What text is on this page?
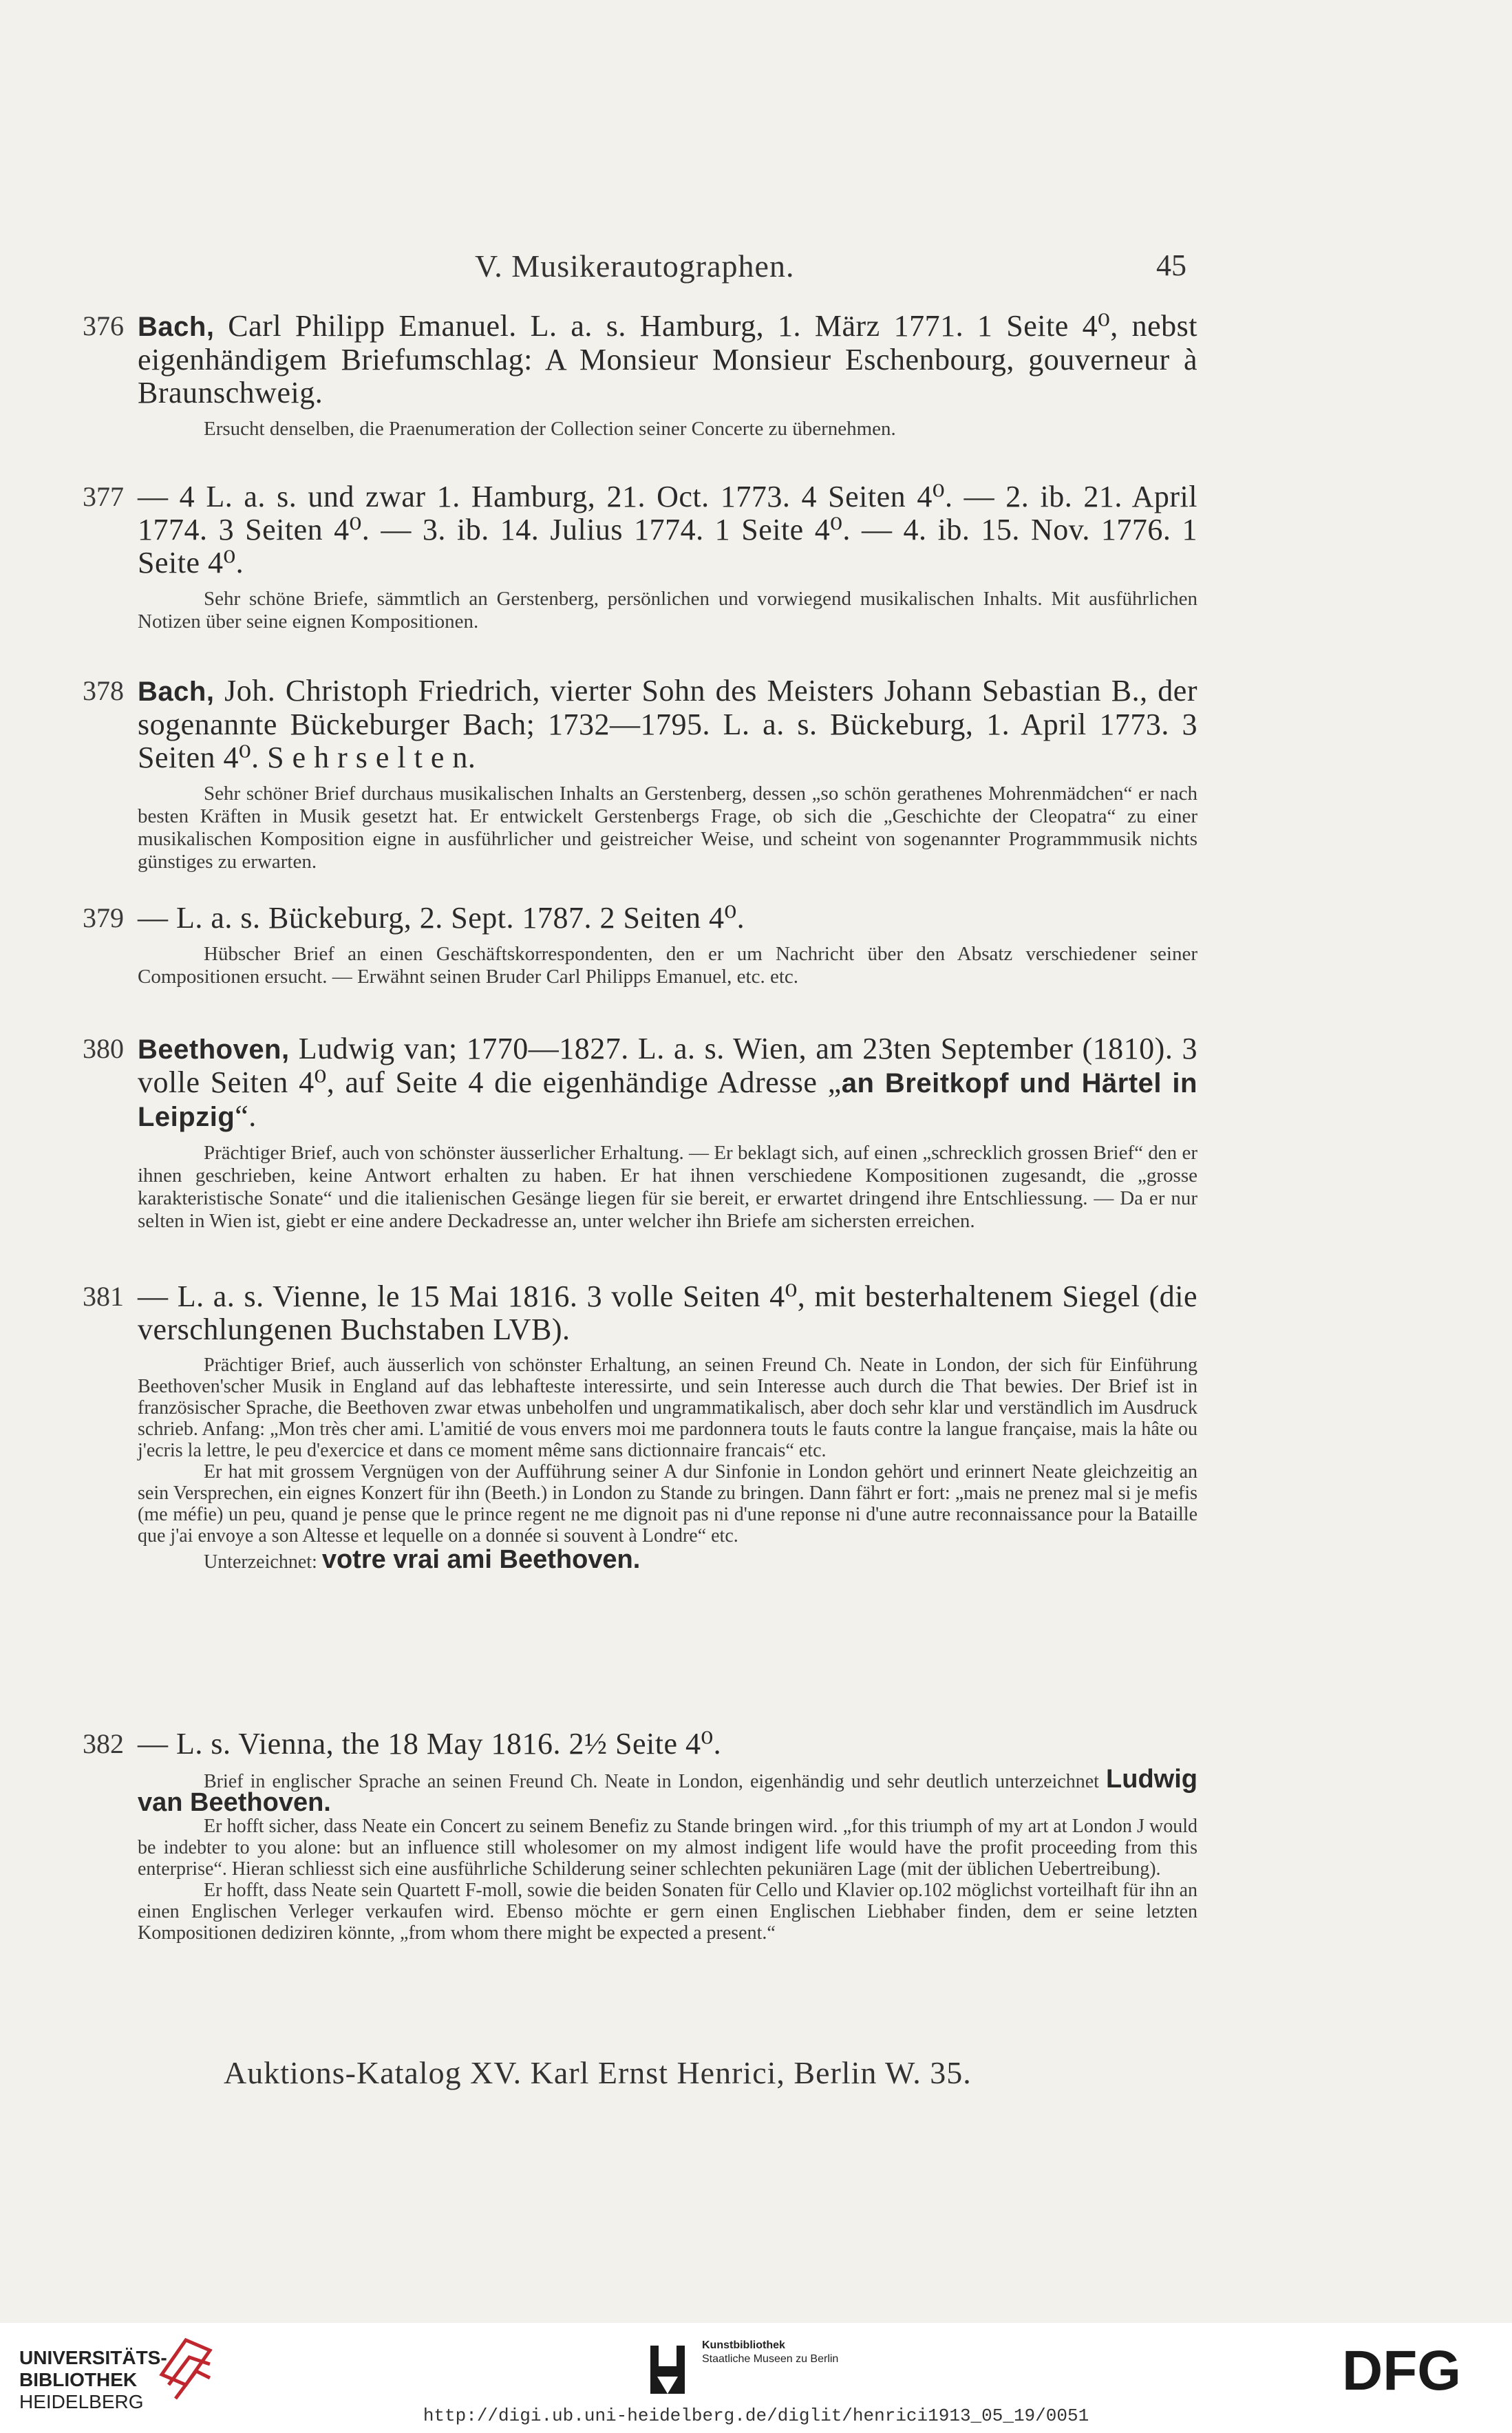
V. Musikerautographen.	45
376 Bach, Carl Philipp Emanuel. L. a. s. Hamburg, 1. März 1771. 1 Seite 4⁰, nebst eigenhändigem Briefumschlag: A Monsieur Monsieur Eschenbourg, gouverneur à Braunschweig.
Ersucht denselben, die Praenumeration der Collection seiner Concerte zu übernehmen.
377 — 4 L. a. s. und zwar 1. Hamburg, 21. Oct. 1773. 4 Seiten 4⁰. — 2. ib. 21. April 1774. 3 Seiten 4⁰. — 3. ib. 14. Julius 1774. 1 Seite 4⁰. — 4. ib. 15. Nov. 1776. 1 Seite 4⁰.
Sehr schöne Briefe, sämmtlich an Gerstenberg, persönlichen und vorwiegend musikalischen Inhalts. Mit ausführlichen Notizen über seine eignen Kompositionen.
378 Bach, Joh. Christoph Friedrich, vierter Sohn des Meisters Johann Sebastian B., der sogenannte Bückeburger Bach; 1732—1795. L. a. s. Bückeburg, 1. April 1773. 3 Seiten 4⁰. S e h r s e l t e n.
Sehr schöner Brief durchaus musikalischen Inhalts an Gerstenberg, dessen „so schön gerathenes Mohrenmädchen“ er nach besten Kräften in Musik gesetzt hat. Er entwickelt Gerstenbergs Frage, ob sich die „Geschichte der Cleopatra“ zu einer musikalischen Komposition eigne in ausführlicher und geistreicher Weise, und scheint von sogenannter Programmmusik nichts günstiges zu erwarten.
379 — L. a. s. Bückeburg, 2. Sept. 1787. 2 Seiten 4⁰.
Hübscher Brief an einen Geschäftskorrespondenten, den er um Nachricht über den Absatz verschiedener seiner Compositionen ersucht. — Erwähnt seinen Bruder Carl Philipps Emanuel, etc. etc.
380 Beethoven, Ludwig van; 1770—1827. L. a. s. Wien, am 23ten September (1810). 3 volle Seiten 4⁰, auf Seite 4 die eigenhändige Adresse „an Breitkopf und Härtel in Leipzig“.
Prächtiger Brief, auch von schönster äusserlicher Erhaltung. — Er beklagt sich, auf einen „schrecklich grossen Brief“ den er ihnen geschrieben, keine Antwort erhalten zu haben. Er hat ihnen verschiedene Kompositionen zugesandt, die „grosse karakteristische Sonate“ und die italienischen Gesänge liegen für sie bereit, er erwartet dringend ihre Entschliessung. — Da er nur selten in Wien ist, giebt er eine andere Deckadresse an, unter welcher ihn Briefe am sichersten erreichen.
381 — L. a. s. Vienne, le 15 Mai 1816. 3 volle Seiten 4⁰, mit besterhaltenem Siegel (die verschlungenen Buchstaben LVB).
Prächtiger Brief, auch äusserlich von schönster Erhaltung, an seinen Freund Ch. Neate in London, der sich für Einführung Beethoven'scher Musik in England auf das lebhafteste interessirte, und sein Interesse auch durch die That bewies. Der Brief ist in französischer Sprache, die Beethoven zwar etwas unbeholfen und ungrammatikalisch, aber doch sehr klar und verständlich im Ausdruck schrieb. Anfang: „Mon très cher ami. L'amitié de vous envers moi me pardonnera touts le fauts contre la langue française, mais la hâte ou j'ecris la lettre, le peu d'exercice et dans ce moment même sans dictionnaire francais“ etc.
Er hat mit grossem Vergnügen von der Aufführung seiner A dur Sinfonie in London gehört und erinnert Neate gleichzeitig an sein Versprechen, ein eignes Konzert für ihn (Beeth.) in London zu Stande zu bringen. Dann fährt er fort: „mais ne prenez mal si je mefis (me méfie) un peu, quand je pense que le prince regent ne me dignoit pas ni d'une reponse ni d'une autre reconnaissance pour la Bataille que j'ai envoye a son Altesse et lequelle on a donnée si souvent à Londre“ etc.
Unterzeichnet: votre vrai ami Beethoven.
382 — L. s. Vienna, the 18 May 1816. 2½ Seite 4⁰.
Brief in englischer Sprache an seinen Freund Ch. Neate in London, eigenhändig und sehr deutlich unterzeichnet Ludwig van Beethoven.
Er hofft sicher, dass Neate ein Concert zu seinem Benefiz zu Stande bringen wird. „for this triumph of my art at London J would be indebter to you alone: but an influence still wholesomer on my almost indigent life would have the profit proceeding from this enterprise“. Hieran schliesst sich eine ausführliche Schilderung seiner schlechten pekuniären Lage (mit der üblichen Uebertreibung).
Er hofft, dass Neate sein Quartett F-moll, sowie die beiden Sonaten für Cello und Klavier op.102 möglichst vorteilhaft für ihn an einen Englischen Verleger verkaufen wird. Ebenso möchte er gern einen Englischen Liebhaber finden, dem er seine letzten Kompositionen dediziren könnte, „from whom there might be expected a present.“
Auktions-Katalog XV. Karl Ernst Henrici, Berlin W. 35.
UNIVERSITÄTS-
BIBLIOTHEK
HEIDELBERG
Kunstbibliothek
Staatliche Museen zu Berlin	DFG
http://digi.ub.uni-heidelberg.de/diglit/henrici1913_05_19/0051
